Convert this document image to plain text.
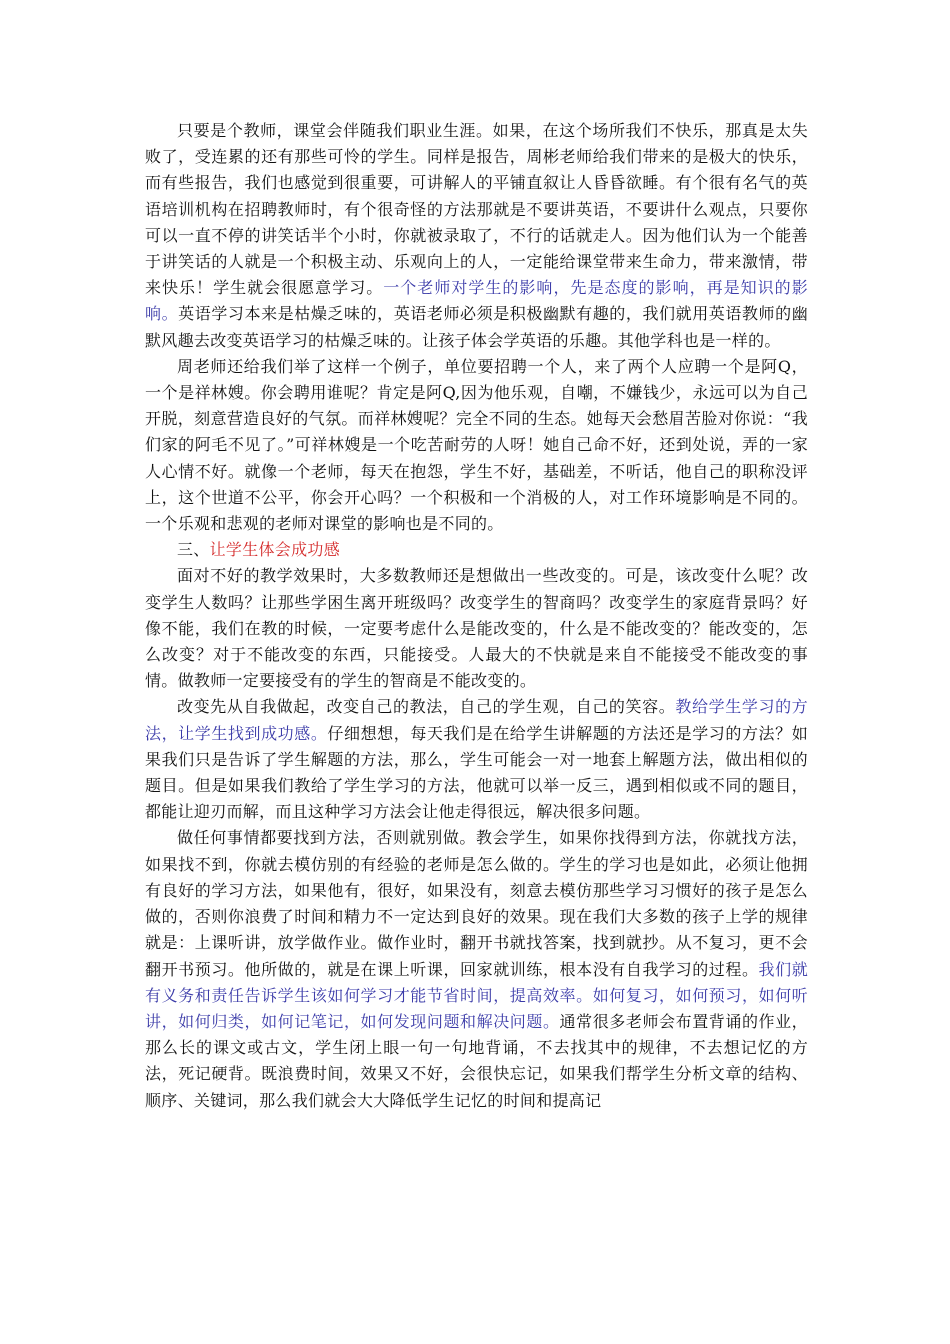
只要是个教师，课堂会伴随我们职业生涯。如果，在这个场所我们不快乐，那真是太失败了，受连累的还有那些可怜的学生。同样是报告，周彬老师给我们带来的是极大的快乐，而有些报告，我们也感觉到很重要，可讲解人的平铺直叙让人昏昏欲睡。有个很有名气的英语培训机构在招聘教师时，有个很奇怪的方法那就是不要讲英语，不要讲什么观点，只要你可以一直不停的讲笑话半个小时，你就被录取了，不行的话就走人。因为他们认为一个能善于讲笑话的人就是一个积极主动、乐观向上的人，一定能给课堂带来生命力，带来激情，带来快乐！学生就会很愿意学习。一个老师对学生的影响，先是态度的影响，再是知识的影响。英语学习本来是枯燥乏味的，英语老师必须是积极幽默有趣的，我们就用英语教师的幽默风趣去改变英语学习的枯燥乏味的。让孩子体会学英语的乐趣。其他学科也是一样的。

周老师还给我们举了这样一个例子，单位要招聘一个人，来了两个人应聘一个是阿Q，一个是祥林嫂。你会聘用谁呢？肯定是阿Q,因为他乐观，自嘲，不嫌钱少，永远可以为自己开脱，刻意营造良好的气氛。而祥林嫂呢？完全不同的生态。她每天会愁眉苦脸对你说：“我们家的阿毛不见了。”可祥林嫂是一个吃苦耐劳的人呀！她自己命不好，还到处说，弄的一家人心情不好。就像一个老师，每天在抱怨，学生不好，基础差，不听话，他自己的职称没评上，这个世道不公平，你会开心吗？一个积极和一个消极的人，对工作环境影响是不同的。一个乐观和悲观的老师对课堂的影响也是不同的。

三、让学生体会成功感

面对不好的教学效果时，大多数教师还是想做出一些改变的。可是，该改变什么呢？改变学生人数吗？让那些学困生离开班级吗？改变学生的智商吗？改变学生的家庭背景吗？好像不能，我们在教的时候，一定要考虑什么是能改变的，什么是不能改变的？能改变的，怎么改变？对于不能改变的东西，只能接受。人最大的不快就是来自不能接受不能改变的事情。做教师一定要接受有的学生的智商是不能改变的。

改变先从自我做起，改变自己的教法，自己的学生观，自己的笑容。教给学生学习的方法，让学生找到成功感。仔细想想，每天我们是在给学生讲解题的方法还是学习的方法？如果我们只是告诉了学生解题的方法，那么，学生可能会一对一地套上解题方法，做出相似的题目。但是如果我们教给了学生学习的方法，他就可以举一反三，遇到相似或不同的题目，都能让迎刃而解，而且这种学习方法会让他走得很远，解决很多问题。

做任何事情都要找到方法，否则就别做。教会学生，如果你找得到方法，你就找方法，如果找不到，你就去模仿别的有经验的老师是怎么做的。学生的学习也是如此，必须让他拥有良好的学习方法，如果他有，很好，如果没有，刻意去模仿那些学习习惯好的孩子是怎么做的，否则你浪费了时间和精力不一定达到良好的效果。现在我们大多数的孩子上学的规律就是：上课听讲，放学做作业。做作业时，翻开书就找答案，找到就抄。从不复习，更不会翻开书预习。他所做的，就是在课上听课，回家就训练，根本没有自我学习的过程。我们就有义务和责任告诉学生该如何学习才能节省时间，提高效率。如何复习，如何预习，如何听讲，如何归类，如何记笔记，如何发现问题和解决问题。通常很多老师会布置背诵的作业，那么长的课文或古文，学生闭上眼一句一句地背诵，不去找其中的规律，不去想记忆的方法，死记硬背。既浪费时间，效果又不好，会很快忘记，如果我们帮学生分析文章的结构、顺序、关键词，那么我们就会大大降低学生记忆的时间和提高记
